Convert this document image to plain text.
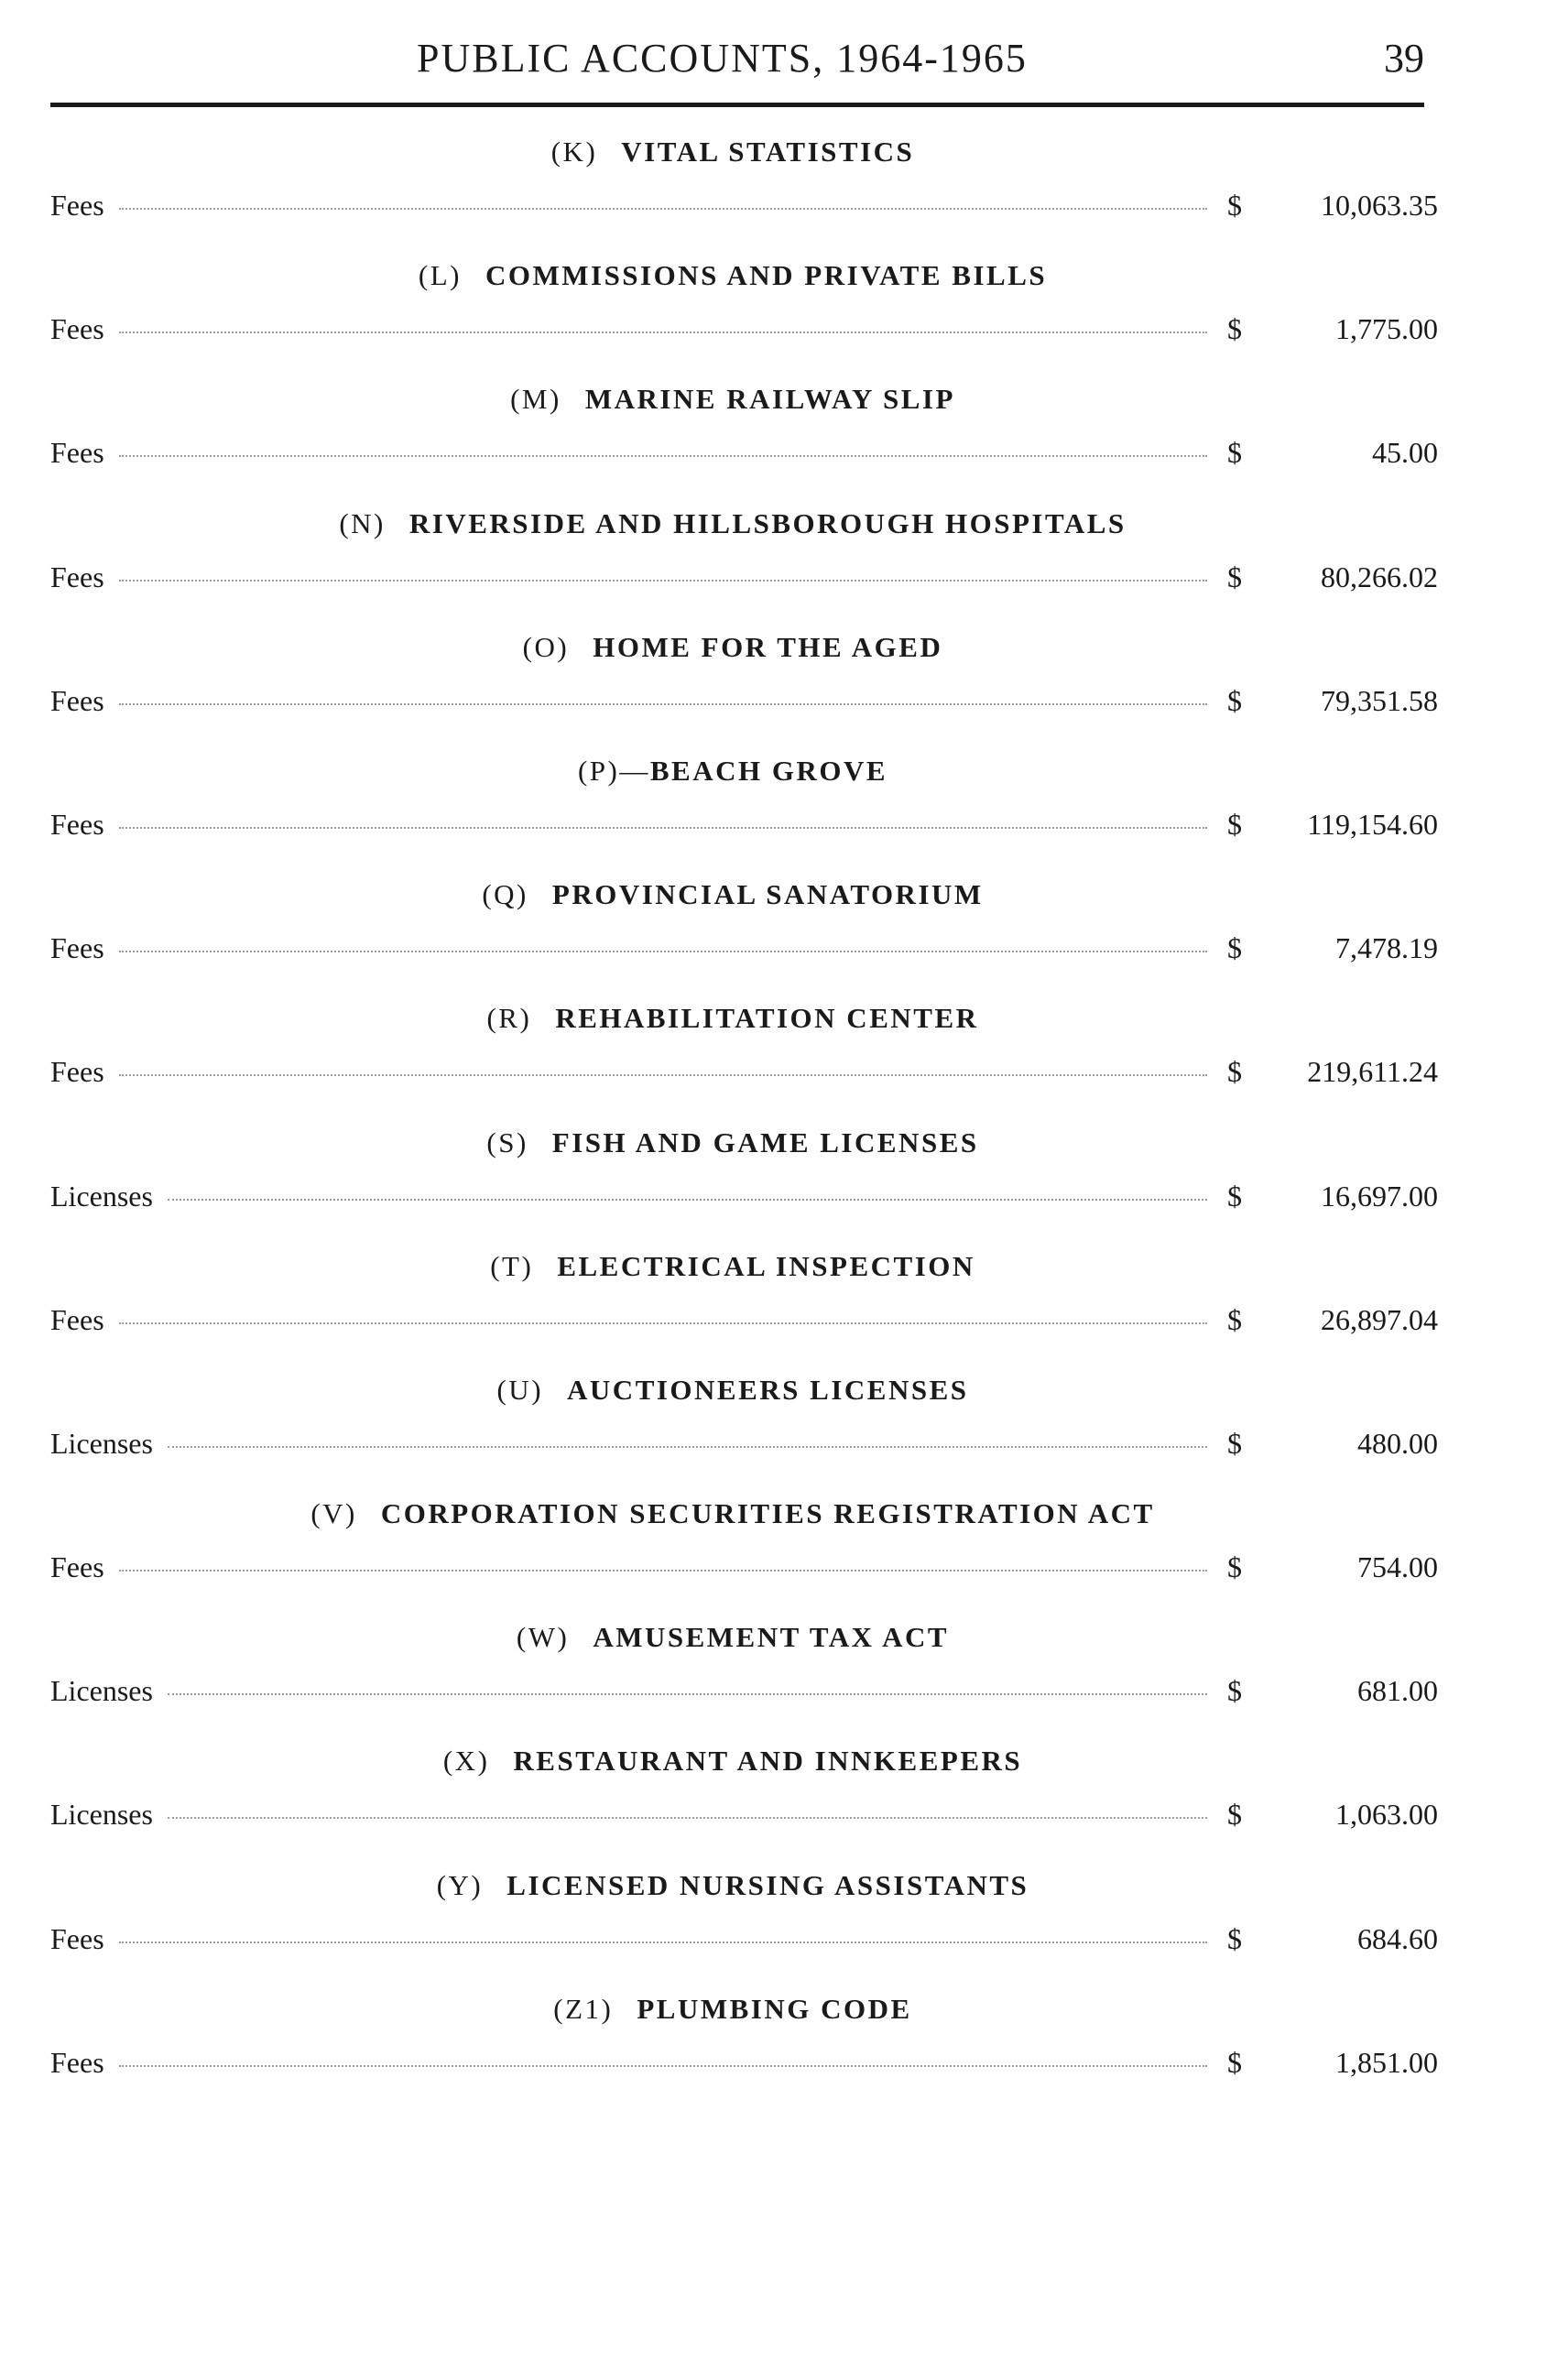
PUBLIC ACCOUNTS, 1964-1965	39
(K) VITAL STATISTICS
Fees	$	10,063.35
(L) COMMISSIONS AND PRIVATE BILLS
Fees	$	1,775.00
(M) MARINE RAILWAY SLIP
Fees	$	45.00
(N) RIVERSIDE AND HILLSBOROUGH HOSPITALS
Fees	$	80,266.02
(O) HOME FOR THE AGED
Fees	$	79,351.58
(P)—BEACH GROVE
Fees	$	119,154.60
(Q) PROVINCIAL SANATORIUM
Fees	$	7,478.19
(R) REHABILITATION CENTER
Fees	$	219,611.24
(S) FISH AND GAME LICENSES
Licenses	$	16,697.00
(T) ELECTRICAL INSPECTION
Fees	$	26,897.04
(U) AUCTIONEERS LICENSES
Licenses	$	480.00
(V) CORPORATION SECURITIES REGISTRATION ACT
Fees	$	754.00
(W) AMUSEMENT TAX ACT
Licenses	$	681.00
(X) RESTAURANT AND INNKEEPERS
Licenses	$	1,063.00
(Y) LICENSED NURSING ASSISTANTS
Fees	$	684.60
(Z1) PLUMBING CODE
Fees	$	1,851.00
